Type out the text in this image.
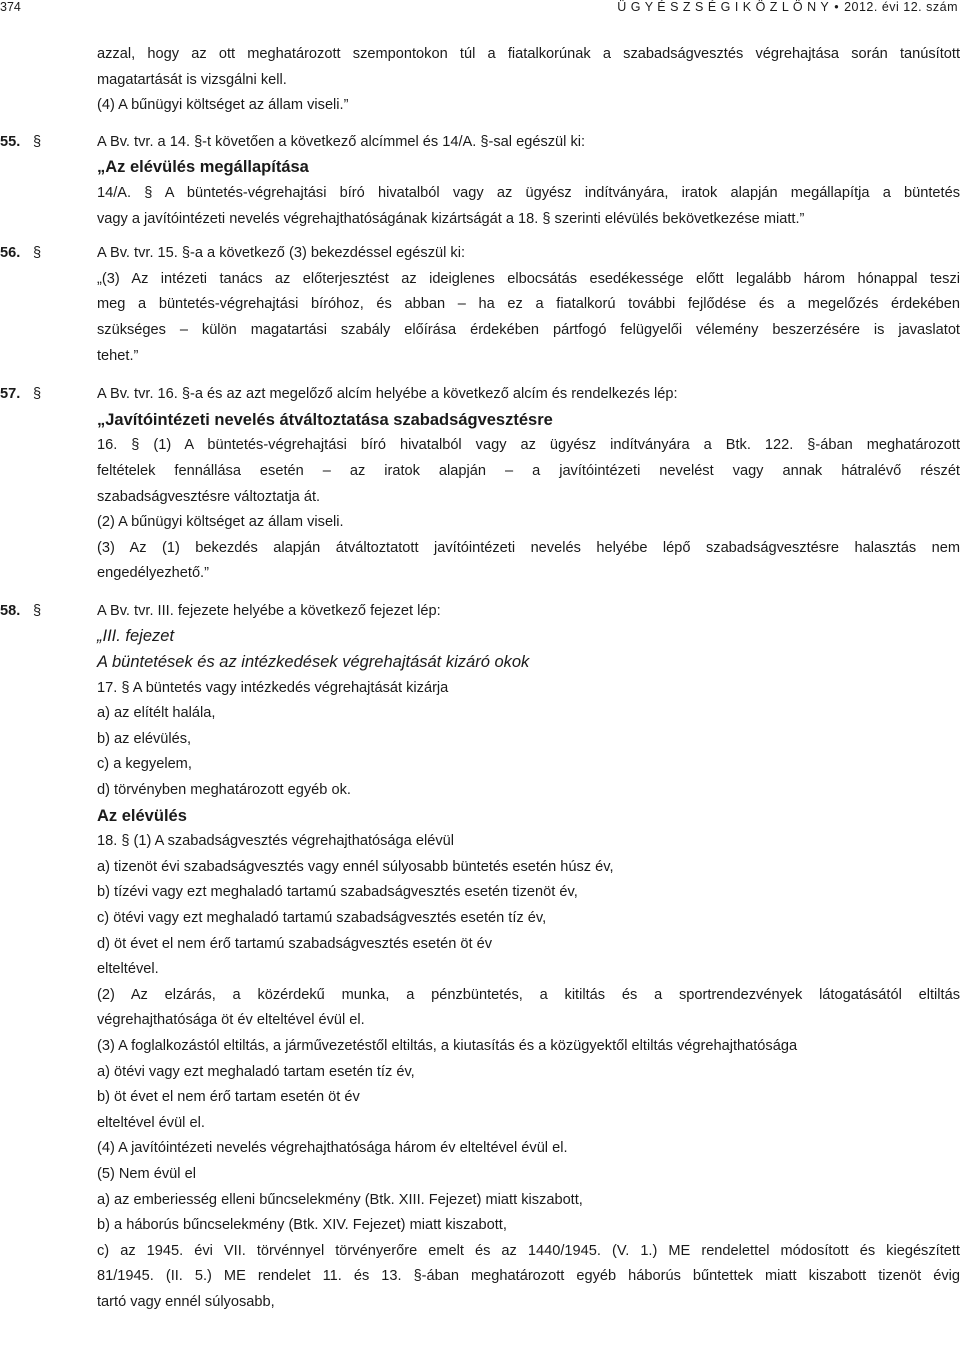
374	Ü G Y É S Z S É G I K Ö Z L Ö N Y • 2012. évi 12. szám
azzal, hogy az ott meghatározott szempontokon túl a fiatalkorúnak a szabadságvesztés végrehajtása során tanúsított
magatartását is vizsgálni kell.
(4) A bűnügyi költséget az állam viseli.”
55. §	A Bv. tvr. a 14. §-t követően a következő alcímmel és 14/A. §-sal egészül ki:
„Az elévülés megállapítása
14/A. § A büntetés-végrehajtási bíró hivatalból vagy az ügyész indítványára, iratok alapján megállapítja a büntetés
vagy a javítóintézeti nevelés végrehajthatóságának kizártságát a 18. § szerinti elévülés bekövetkezése miatt.”
56. §	A Bv. tvr. 15. §-a a következő (3) bekezdéssel egészül ki:
„(3) Az intézeti tanács az előterjesztést az ideiglenes elbocsátás esedékessége előtt legalább három hónappal teszi
meg a büntetés-végrehajtási bíróhoz, és abban – ha ez a fiatalkorú további fejlődése és a megelőzés érdekében
szükséges – külön magatartási szabály előírása érdekében pártfogó felügyelői vélemény beszerzésére is javaslatot
tehet.”
57. §	A Bv. tvr. 16. §-a és az azt megelőző alcím helyébe a következő alcím és rendelkezés lép:
„Javítóintézeti nevelés átváltoztatása szabadságvesztésre
16. § (1) A büntetés-végrehajtási bíró hivatalból vagy az ügyész indítványára a Btk. 122. §-ában meghatározott
feltételek fennállása esetén – az iratok alapján – a javítóintézeti nevelést vagy annak hátralévő részét
szabadságvesztésre változtatja át.
(2) A bűnügyi költséget az állam viseli.
(3) Az (1) bekezdés alapján átváltoztatott javítóintézeti nevelés helyébe lépő szabadságvesztésre halasztás nem
engedélyezhető.”
58. §	A Bv. tvr. III. fejezete helyébe a következő fejezet lép:
„III. fejezet
A büntetések és az intézkedések végrehajtását kizáró okok
17. § A büntetés vagy intézkedés végrehajtását kizárja
a) az elítélt halála,
b) az elévülés,
c) a kegyelem,
d) törvényben meghatározott egyéb ok.
Az elévülés
18. § (1) A szabadságvesztés végrehajthatósága elévül
a) tizenöt évi szabadságvesztés vagy ennél súlyosabb büntetés esetén húsz év,
b) tízévi vagy ezt meghaladó tartamú szabadságvesztés esetén tizenöt év,
c) ötévi vagy ezt meghaladó tartamú szabadságvesztés esetén tíz év,
d) öt évet el nem érő tartamú szabadságvesztés esetén öt év
elteltével.
(2) Az elzárás, a közérdekű munka, a pénzbüntetés, a kitiltás és a sportrendezvények látogatásától eltiltás
végrehajthatósága öt év elteltével évül el.
(3) A foglalkozástól eltiltás, a járművezetéstől eltiltás, a kiutasítás és a közügyektől eltiltás végrehajthatósága
a) ötévi vagy ezt meghaladó tartam esetén tíz év,
b) öt évet el nem érő tartam esetén öt év
elteltével évül el.
(4) A javítóintézeti nevelés végrehajthatósága három év elteltével évül el.
(5) Nem évül el
a) az emberiesség elleni bűncselekmény (Btk. XIII. Fejezet) miatt kiszabott,
b) a háborús bűncselekmény (Btk. XIV. Fejezet) miatt kiszabott,
c) az 1945. évi VII. törvénnyel törvényerőre emelt és az 1440/1945. (V. 1.) ME rendelettel módosított és kiegészített
81/1945. (II. 5.) ME rendelet 11. és 13. §-ában meghatározott egyéb háborús bűntettek miatt kiszabott tizenöt évig
tartó vagy ennél súlyosabb,
